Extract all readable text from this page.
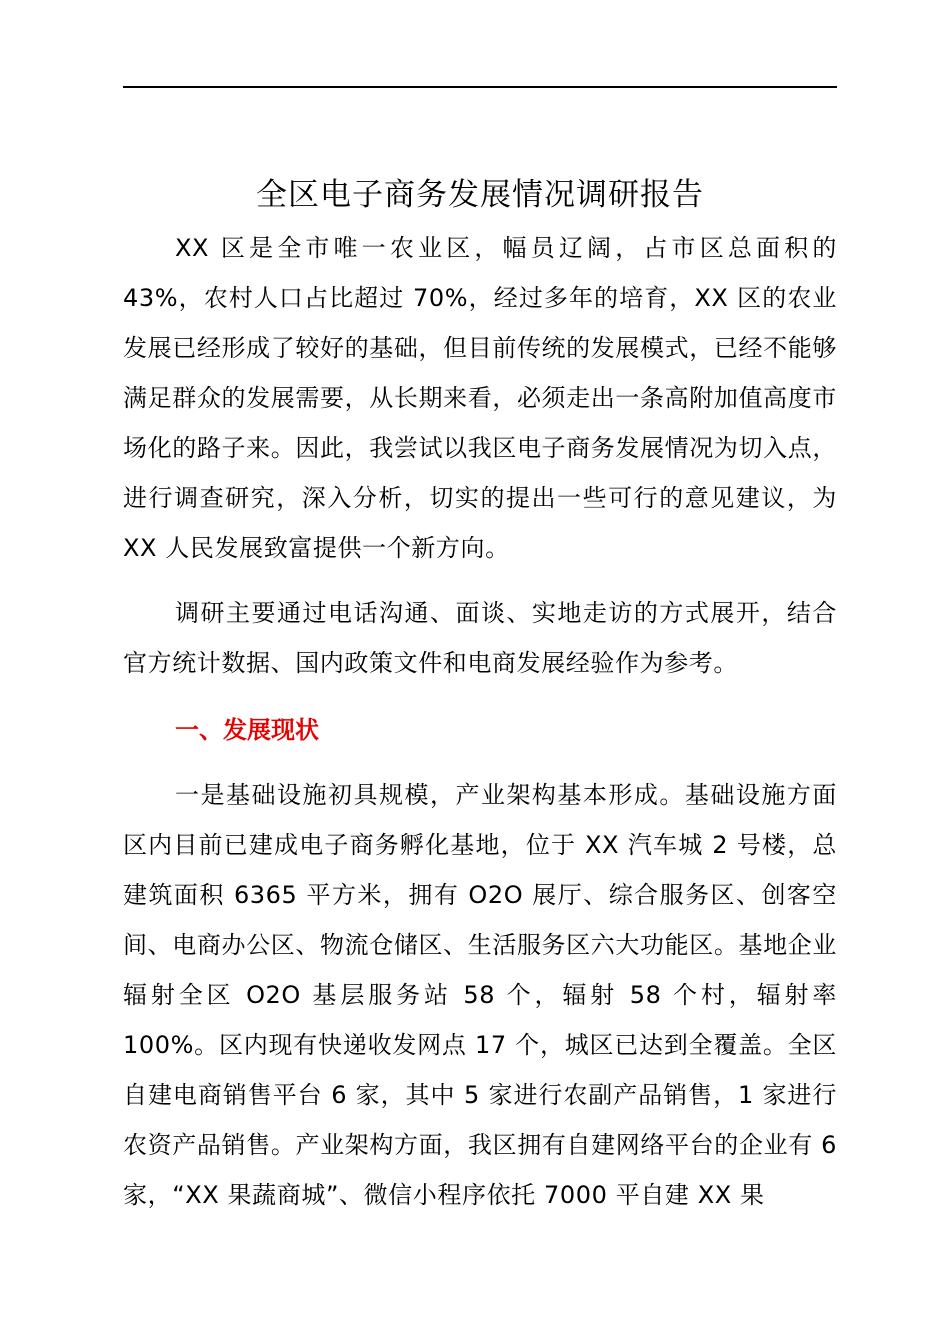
全区电子商务发展情况调研报告

XX 区是全市唯一农业区，幅员辽阔，占市区总面积的43%，农村人口占比超过 70%，经过多年的培育，XX 区的农业发展已经形成了较好的基础，但目前传统的发展模式，已经不能够满足群众的发展需要，从长期来看，必须走出一条高附加值高度市场化的路子来。因此，我尝试以我区电子商务发展情况为切入点，进行调查研究，深入分析，切实的提出一些可行的意见建议，为 XX 人民发展致富提供一个新方向。

调研主要通过电话沟通、面谈、实地走访的方式展开，结合官方统计数据、国内政策文件和电商发展经验作为参考。

一、发展现状

一是基础设施初具规模，产业架构基本形成。基础设施方面区内目前已建成电子商务孵化基地，位于 XX 汽车城 2 号楼，总建筑面积 6365 平方米，拥有 O2O 展厅、综合服务区、创客空间、电商办公区、物流仓储区、生活服务区六大功能区。基地企业辐射全区 O2O 基层服务站 58 个，辐射 58 个村，辐射率100%。区内现有快递收发网点 17 个，城区已达到全覆盖。全区自建电商销售平台 6 家，其中 5 家进行农副产品销售，1 家进行农资产品销售。产业架构方面，我区拥有自建网络平台的企业有 6 家，“XX 果蔬商城”、微信小程序依托 7000 平自建 XX 果
